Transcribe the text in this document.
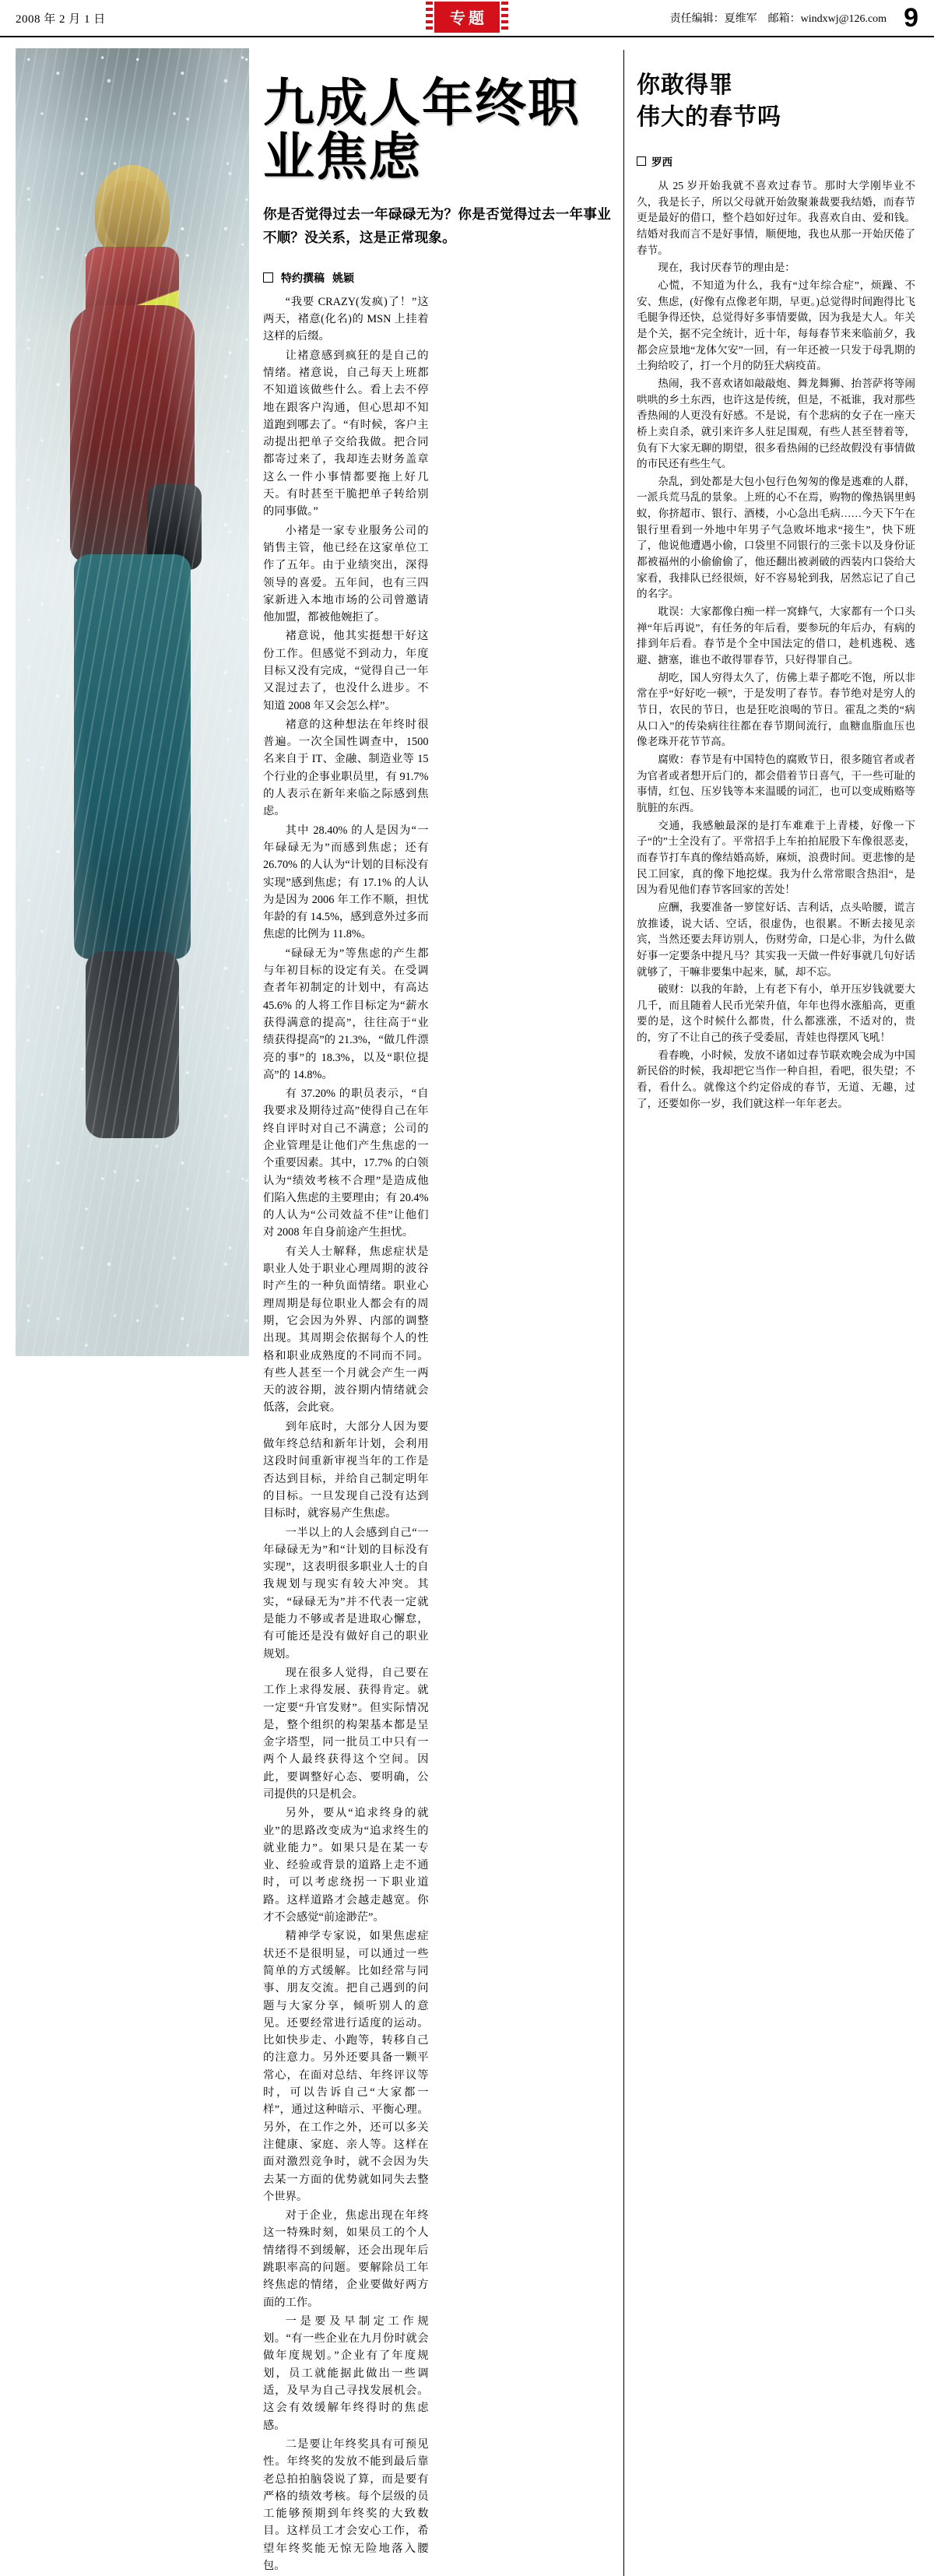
2008 年 2 月 1 日	专题	责任编辑：夏维军 邮箱：windxwj@126.com 9
九成人年终职业焦虑
你是否觉得过去一年碌碌无为？你是否觉得过去一年事业不顺？没关系，这是正常现象。
特约撰稿 姚颖

“我要 CRAZY(发疯)了！”这两天，褚意(化名)的 MSN 上挂着这样的后缀。

让褚意感到疯狂的是自己的情绪。褚意说，自己每天上班都不知道该做些什么。看上去不停地在跟客户沟通，但心思却不知道跑到哪去了。“有时候，客户主动提出把单子交给我做。把合同都寄过来了，我却连去财务盖章这么一件小事情都要拖上好几天。有时甚至干脆把单子转给别的同事做。”

小褚是一家专业服务公司的销售主管，他已经在这家单位工作了五年。由于业绩突出，深得领导的喜爱。五年间，也有三四家新进入本地市场的公司曾邀请他加盟，都被他婉拒了。

褚意说，他其实挺想干好这份工作。但感觉不到动力，年度目标又没有完成，“觉得自己一年又混过去了，也没什么进步。不知道 2008 年又会怎么样”。

褚意的这种想法在年终时很普遍。一次全国性调查中，1500 名来自于 IT、金融、制造业等 15 个行业的企事业职员里，有 91.7% 的人表示在新年来临之际感到焦虑。

其中 28.40% 的人是因为“一年碌碌无为”而感到焦虑；还有 26.70% 的人认为“计划的目标没有实现”感到焦虑；有 17.1% 的人认为是因为 2006 年工作不顺，担忧年龄的有 14.5%，感到意外过多而焦虑的比例为 11.8%。

“碌碌无为”等焦虑的产生都与年初目标的设定有关。在受调查者年初制定的计划中，有高达 45.6% 的人将工作目标定为“薪水获得满意的提高”，往往高于“业绩获得提高”的 21.3%，“做几件漂亮的事”的 18.3%，以及“职位提高”的 14.8%。

有 37.20% 的职员表示，“自我要求及期待过高”使得自己在年终自评时对自己不满意；公司的企业管理是让他们产生焦虑的一个重要因素。其中，17.7% 的白领认为“绩效考核不合理”是造成他们陷入焦虑的主要理由；有 20.4% 的人认为“公司效益不佳”让他们对 2008 年自身前途产生担忧。

有关人士解释，焦虑症状是职业人处于职业心理周期的波谷时产生的一种负面情绪。职业心理周期是每位职业人都会有的周期，它会因为外界、内部的调整出现。其周期会依据每个人的性格和职业成熟度的不同而不同。有些人甚至一个月就会产生一两天的波谷期，波谷期内情绪就会低落，会此衰。

到年底时，大部分人因为要做年终总结和新年计划，会利用这段时间重新审视当年的工作是否达到目标，并给自己制定明年的目标。一旦发现自己没有达到目标时，就容易产生焦虑。

一半以上的人会感到自己“一年碌碌无为”和“计划的目标没有实现”，这表明很多职业人士的自我规划与现实有较大冲突。其实，“碌碌无为”并不代表一定就是能力不够或者是进取心懈怠，有可能还是没有做好自己的职业规划。

现在很多人觉得，自己要在工作上求得发展、获得肯定。就一定要“升官发财”。但实际情况是，整个组织的构架基本都是呈金字塔型，同一批员工中只有一两个人最终获得这个空间。因此，要调整好心态、要明确，公司提供的只是机会。

另外，要从“追求终身的就业”的思路改变成为“追求终生的就业能力”。如果只是在某一专业、经验或背景的道路上走不通时，可以考虑绕拐一下职业道路。这样道路才会越走越宽。你才不会感觉“前途渺茫”。

精神学专家说，如果焦虑症状还不是很明显，可以通过一些简单的方式缓解。比如经常与同事、朋友交流。把自己遇到的问题与大家分享，倾听别人的意见。还要经常进行适度的运动。比如快步走、小跑等，转移自己的注意力。另外还要具备一颗平常心，在面对总结、年终评议等时，可以告诉自己“大家都一样”，通过这种暗示、平衡心理。另外，在工作之外，还可以多关注健康、家庭、亲人等。这样在面对激烈竞争时，就不会因为失去某一方面的优势就如同失去整个世界。

对于企业，焦虑出现在年终这一特殊时刻，如果员工的个人情绪得不到缓解，还会出现年后跳职率高的问题。要解除员工年终焦虑的情绪，企业要做好两方面的工作。

一是要及早制定工作规划。“有一些企业在九月份时就会做年度规划。”企业有了年度规划，员工就能据此做出一些调适，及早为自己寻找发展机会。这会有效缓解年终得时的焦虑感。

二是要让年终奖具有可预见性。年终奖的发放不能到最后靠老总拍拍脑袋说了算，而是要有严格的绩效考核。每个层级的员工能够预期到年终奖的大致数目。这样员工才会安心工作，希望年终奖能无惊无险地落入腰包。

你敢得罪
伟大的春节吗
罗西

从 25 岁开始我就不喜欢过春节。那时大学刚毕业不久，我是长子，所以父母就开始敛聚兼裁要我结婚，而春节更是最好的借口，整个趋如好过年。我喜欢自由、爱和钱。结婚对我而言不是好事情，顺便地，我也从那一开始厌倦了春节。

现在，我讨厌春节的理由是：

心慌，不知道为什么，我有“过年综合症”，烦躁、不安、焦虑，(好像有点像老年期，早更。)总觉得时间跑得比飞毛腿争得还快，总觉得好多事情要做，因为我是大人。年关是个关，据不完全统计，近十年，每每春节来来临前夕，我都会应景地“龙体欠安”一回，有一年还被一只发于母乳期的土狗给咬了，打一个月的防狂犬病疫苗。

热闹，我不喜欢诸如敲敲炮、舞龙舞狮、抬菩萨将等闹哄哄的乡土东西，也许这是传统，但是，不祗谁，我对那些香热闹的人更没有好感。不是说，有个悲病的女子在一座天桥上卖自杀，就引来许多人驻足围观，有些人甚至替着等，负有下大家无聊的期望，很多看热闹的已经故假没有事情做的市民还有些生气。

杂乱，到处都是大包小包行色匆匆的像是逃难的人群，一派兵荒马乱的景象。上班的心不在焉，购物的像热锅里蚂蚁，你挤超市、银行、酒楼，小心急出毛病……今天下午在银行里看到一外地中年男子气急败坏地求“接生”，快下班了，他说他遭遇小偷，口袋里不同银行的三张卡以及身份证都被福州的小偷偷偷了，他还翻出被剥破的西装内口袋给大家看，我排队已经很烦，好不容易轮到我，居然忘记了自己的名字。

耽误：大家都像白痴一样一窝蜂气，大家都有一个口头禅“年后再说”，有任务的年后看，要参玩的年后办，有病的排到年后看。春节是个全中国法定的借口，趁机逃税、逃避、搪塞，谁也不敢得罪春节，只好得罪自己。

胡吃，国人穷得太久了，仿佛上辈子都吃不饱，所以非常在乎“好好吃一顿”，于是发明了春节。春节绝对是穷人的节日，农民的节日，也是狂吃浪喝的节日。霍乱之类的“病从口入”的传染病往往都在春节期间流行，血糖血脂血压也像老珠开花节节高。

腐败：春节是有中国特色的腐败节日，很多随官者或者为官者或者想开后门的，都会借着节日喜气，干一些可耻的事情，红包、压岁钱等本来温暖的词汇，也可以变成贿赂等肮脏的东西。

交通，我感触最深的是打车难难于上青楼，好像一下子“的”士全没有了。平常招手上车拍拍屁股下车像很恶麦，而春节打车真的像结婚高娇，麻烦，浪费时间。更悲惨的是民工回家，真的像下地挖煤。我为什么常常眼含热泪“，是因为看见他们春节客回家的苦处！

应酬，我要准备一箩筐好话、吉利话，点头哈腰，谎言放推诿，说大话、空话，很虚伪，也很累。不断去接见亲宾，当然还要去拜访别人，伤财劳命，口是心非，为什么做好事一定要条中提凡马？其实我一天做一件好事就几句好话就够了，干嘛非要集中起来，腻，却不忘。

破财：以我的年龄，上有老下有小，单开压岁钱就要大几千，而且随着人民币光荣升值，年年也得水涨船高，更重要的是，这个时候什么都贵，什么都涨涨，不适对的，贵的，穷了不让自己的孩子受委屈，青娃也得摆风飞吼！

看春晚，小时候，发放不诸如过春节联欢晚会成为中国新民俗的时候，我却把它当作一种自担，看吧，很失望；不看，看什么。就像这个约定俗成的春节，无道、无趣，过了，还要如你一岁，我们就这样一年年老去。
